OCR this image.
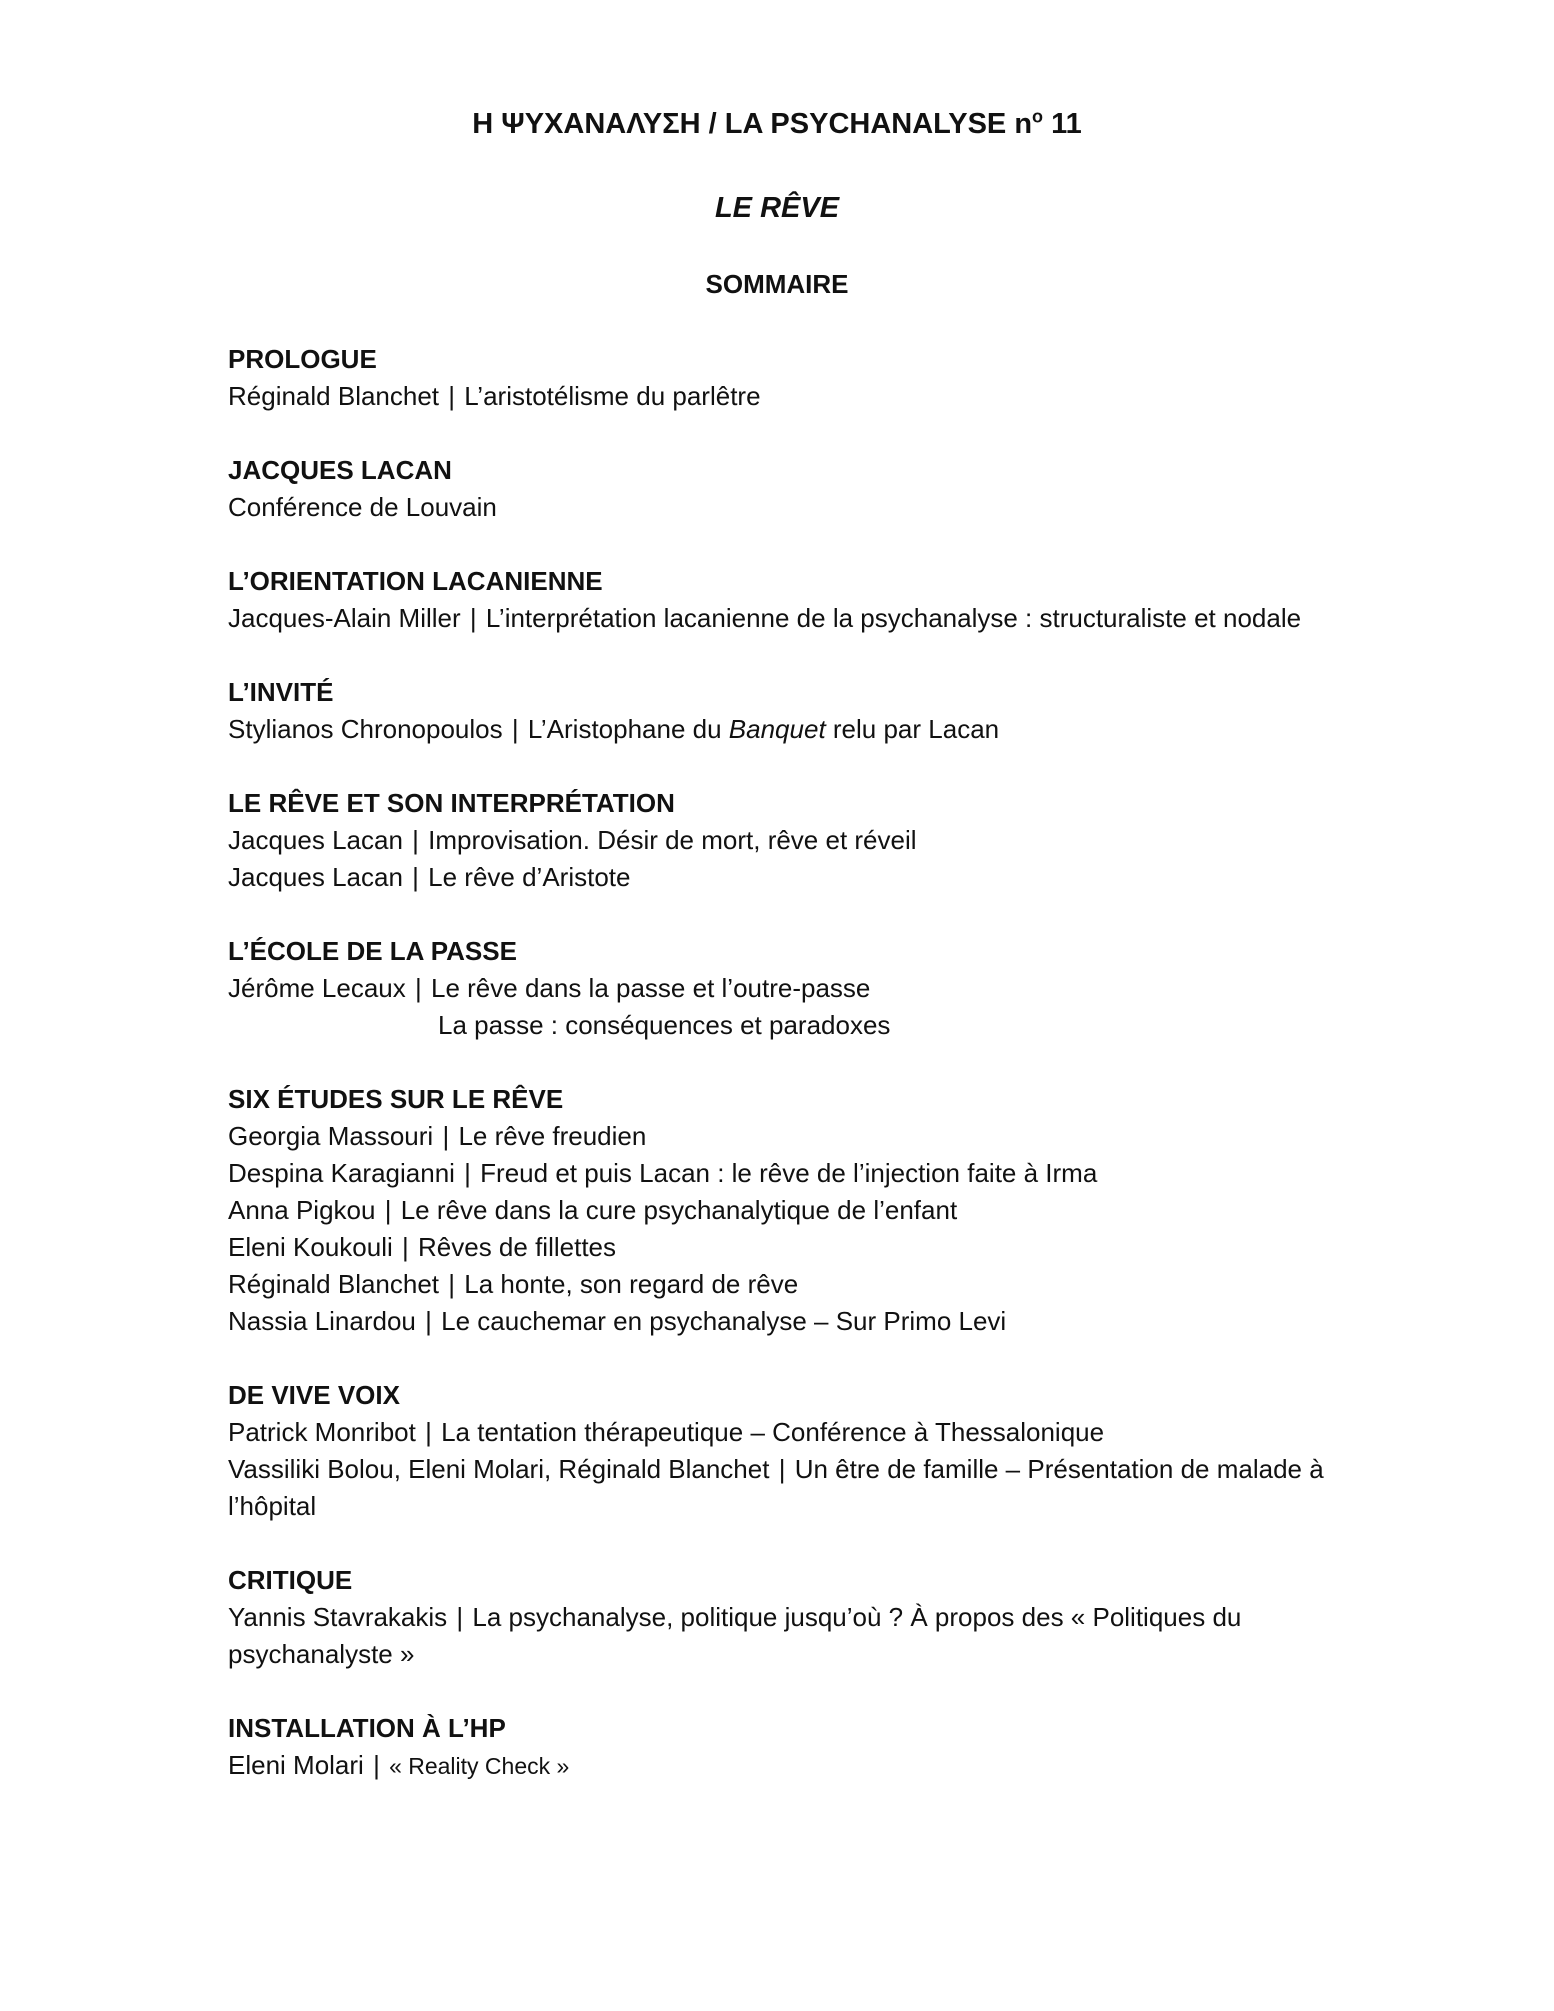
Η ΨΥΧΑΝΑΛΥΣΗ / LA PSYCHANALYSE $n^o$ 11
LE RÊVE
SOMMAIRE

PROLOGUE

Réginald Blanchet | L’aristotélisme du parlêtre

JACQUES LACAN

Conférence de Louvain

L’ORIENTATION LACANIENNE

Jacques-Alain Miller | L’interprétation lacanienne de la psychanalyse : structuraliste et nodale

L’INVITÉ

Stylianos Chronopoulos | L’Aristophane du Banquet relu par Lacan

LE RÊVE ET SON INTERPRÉTATION

Jacques Lacan | Improvisation. Désir de mort, rêve et réveil

Jacques Lacan | Le rêve d’Aristote

L’ÉCOLE DE LA PASSE

Jérôme Lecaux | Le rêve dans la passe et l’outre-passe

La passe : conséquences et paradoxes

SIX ÉTUDES SUR LE RÊVE

Georgia Massouri | Le rêve freudien

Despina Karagianni | Freud et puis Lacan : le rêve de l’injection faite à Irma

Anna Pigkou | Le rêve dans la cure psychanalytique de l’enfant

Eleni Koukouli | Rêves de fillettes

Réginald Blanchet | La honte, son regard de rêve

Nassia Linardou | Le cauchemar en psychanalyse – Sur Primo Levi

DE VIVE VOIX

Patrick Monribot | La tentation thérapeutique – Conférence à Thessalonique

Vassiliki Bolou, Eleni Molari, Réginald Blanchet | Un être de famille – Présentation de malade à l’hôpital

CRITIQUE

Yannis Stavrakakis | La psychanalyse, politique jusqu’où ? À propos des « Politiques du psychanalyste »

INSTALLATION À L’HP

Eleni Molari | « Reality Check »
